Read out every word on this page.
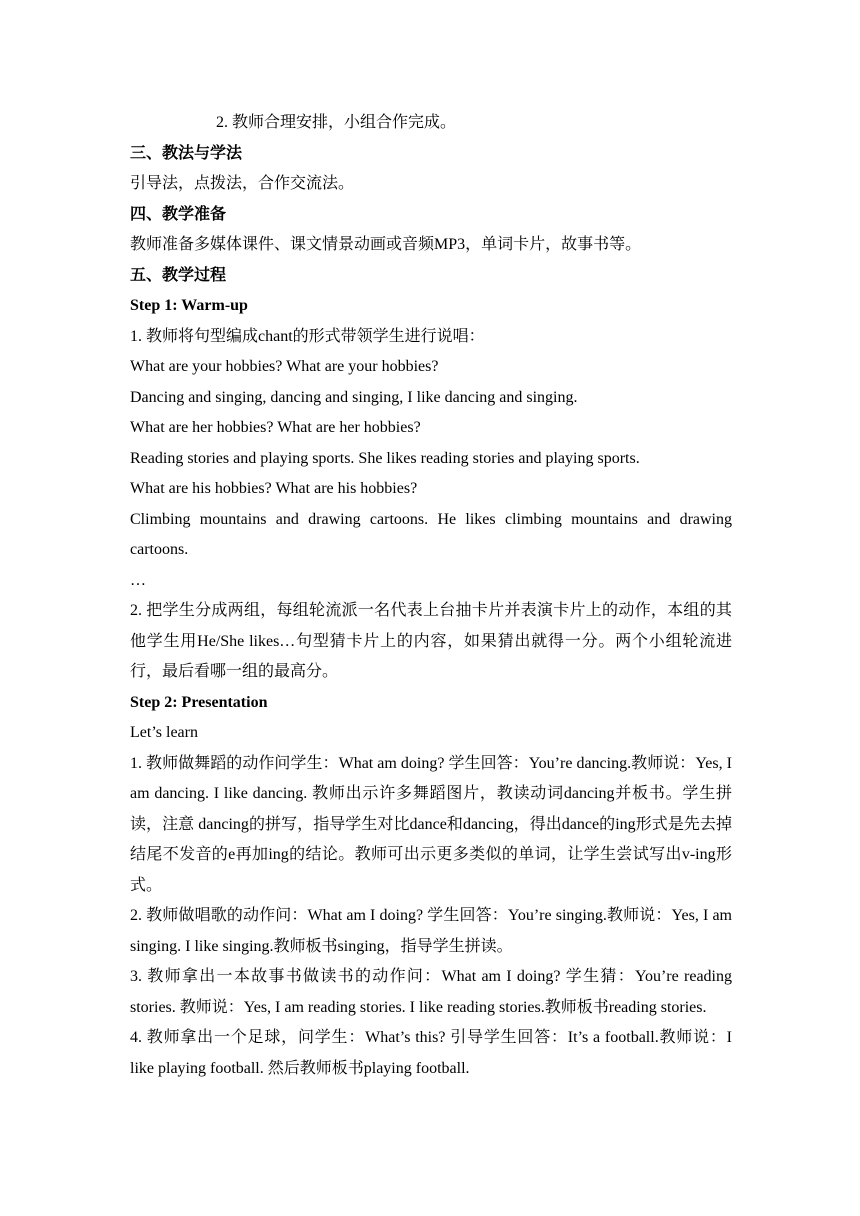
2. 教师合理安排，小组合作完成。
三、教法与学法
引导法，点拨法，合作交流法。
四、教学准备
教师准备多媒体课件、课文情景动画或音频MP3，单词卡片，故事书等。
五、教学过程
Step 1: Warm-up
1. 教师将句型编成chant的形式带领学生进行说唱：
What are your hobbies? What are your hobbies?
Dancing and singing, dancing and singing, I like dancing and singing.
What are her hobbies? What are her hobbies?
Reading stories and playing sports. She likes reading stories and playing sports.
What are his hobbies? What are his hobbies?
Climbing mountains and drawing cartoons. He likes climbing mountains and drawing cartoons.
…
2. 把学生分成两组，每组轮流派一名代表上台抽卡片并表演卡片上的动作，本组的其他学生用He/She likes…句型猜卡片上的内容，如果猜出就得一分。两个小组轮流进行，最后看哪一组的最高分。
Step 2: Presentation
Let’s learn
1. 教师做舞蹈的动作问学生：What am doing? 学生回答：You’re dancing.教师说：Yes, I am dancing. I like dancing. 教师出示许多舞蹈图片，教读动词dancing并板书。学生拼读，注意 dancing的拼写，指导学生对比dance和dancing，得出dance的ing形式是先去掉结尾不发音的e再加ing的结论。教师可出示更多类似的单词，让学生尝试写出v-ing形式。
2. 教师做唱歌的动作问：What am I doing? 学生回答：You’re singing.教师说：Yes, I am singing. I like singing.教师板书singing，指导学生拼读。
3. 教师拿出一本故事书做读书的动作问：What am I doing? 学生猜：You’re reading stories. 教师说：Yes, I am reading stories. I like reading stories.教师板书reading stories.
4. 教师拿出一个足球，问学生：What’s this? 引导学生回答：It’s a football.教师说：I like playing football. 然后教师板书playing football.
